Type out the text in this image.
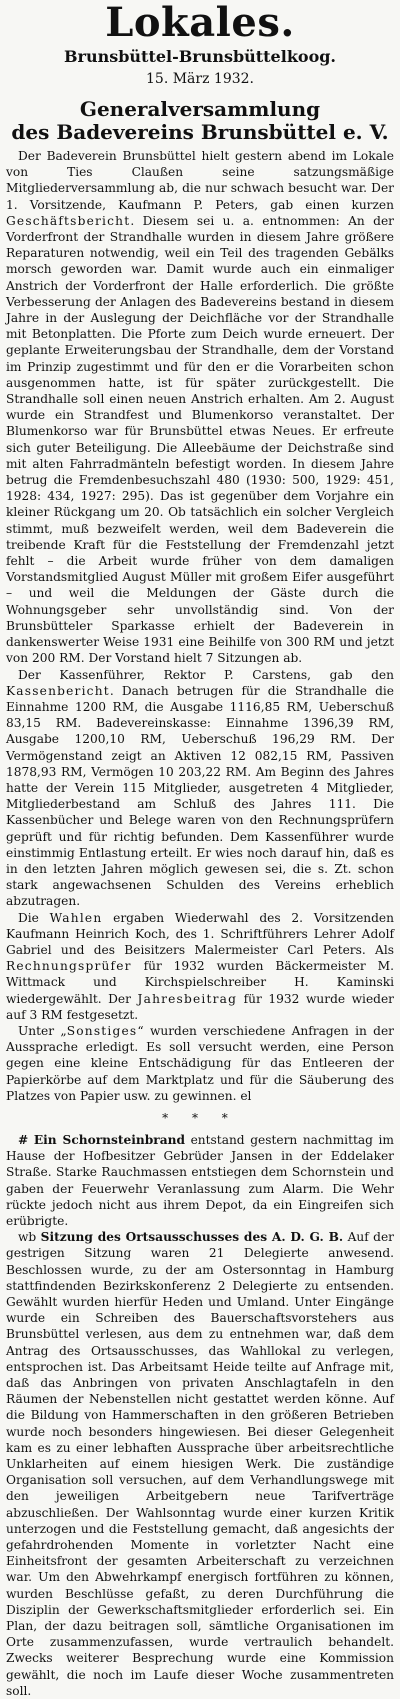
Lokales.
Brunsbüttel-Brunsbüttelkoog.
15. März 1932.
Generalversammlung
des Badevereins Brunsbüttel e. V.

Der Badeverein Brunsbüttel hielt gestern abend im Lokale von Ties Claußen seine satzungsmäßige Mitgliederversammlung ab, die nur schwach besucht war. Der 1. Vorsitzende, Kaufmann P. Peters, gab einen kurzen Geschäftsbericht. Diesem sei u. a. entnommen: An der Vorderfront der Strandhalle wurden in diesem Jahre größere Reparaturen notwendig, weil ein Teil des tragenden Gebälks morsch geworden war. Damit wurde auch ein einmaliger Anstrich der Vorderfront der Halle erforderlich. Die größte Verbesserung der Anlagen des Badevereins bestand in diesem Jahre in der Auslegung der Deichfläche vor der Strandhalle mit Betonplatten. Die Pforte zum Deich wurde erneuert. Der geplante Erweiterungsbau der Strandhalle, dem der Vorstand im Prinzip zugestimmt und für den er die Vorarbeiten schon ausgenommen hatte, ist für später zurückgestellt. Die Strandhalle soll einen neuen Anstrich erhalten. Am 2. August wurde ein Strandfest und Blumenkorso veranstaltet. Der Blumenkorso war für Brunsbüttel etwas Neues. Er erfreute sich guter Beteiligung. Die Alleebäume der Deichstraße sind mit alten Fahrradmänteln befestigt worden. In diesem Jahre betrug die Fremdenbesuchszahl 480 (1930: 500, 1929: 451, 1928: 434, 1927: 295). Das ist gegenüber dem Vorjahre ein kleiner Rückgang um 20. Ob tatsächlich ein solcher Vergleich stimmt, muß bezweifelt werden, weil dem Badeverein die treibende Kraft für die Feststellung der Fremdenzahl jetzt fehlt – die Arbeit wurde früher von dem damaligen Vorstandsmitglied August Müller mit großem Eifer ausgeführt – und weil die Meldungen der Gäste durch die Wohnungsgeber sehr unvollständig sind. Von der Brunsbütteler Sparkasse erhielt der Badeverein in dankenswerter Weise 1931 eine Beihilfe von 300 RM und jetzt von 200 RM. Der Vorstand hielt 7 Sitzungen ab.

Der Kassenführer, Rektor P. Carstens, gab den Kassenbericht. Danach betrugen für die Strandhalle die Einnahme 1200 RM, die Ausgabe 1116,85 RM, Ueberschuß 83,15 RM. Badevereinskasse: Einnahme 1396,39 RM, Ausgabe 1200,10 RM, Ueberschuß 196,29 RM. Der Vermögenstand zeigt an Aktiven 12 082,15 RM, Passiven 1878,93 RM, Vermögen 10 203,22 RM. Am Beginn des Jahres hatte der Verein 115 Mitglieder, ausgetreten 4 Mitglieder, Mitgliederbestand am Schluß des Jahres 111. Die Kassenbücher und Belege waren von den Rechnungsprüfern geprüft und für richtig befunden. Dem Kassenführer wurde einstimmig Entlastung erteilt. Er wies noch darauf hin, daß es in den letzten Jahren möglich gewesen sei, die s. Zt. schon stark angewachsenen Schulden des Vereins erheblich abzutragen.

Die Wahlen ergaben Wiederwahl des 2. Vorsitzenden Kaufmann Heinrich Koch, des 1. Schriftführers Lehrer Adolf Gabriel und des Beisitzers Malermeister Carl Peters. Als Rechnungsprüfer für 1932 wurden Bäckermeister M. Wittmack und Kirchspielschreiber H. Kaminski wiedergewählt. Der Jahresbeitrag für 1932 wurde wieder auf 3 RM festgesetzt.

Unter „Sonstiges“ wurden verschiedene Anfragen in der Aussprache erledigt. Es soll versucht werden, eine Person gegen eine kleine Entschädigung für das Entleeren der Papierkörbe auf dem Marktplatz und für die Säuberung des Platzes von Papier usw. zu gewinnen. el

* * *

# Ein Schornsteinbrand entstand gestern nachmittag im Hause der Hofbesitzer Gebrüder Jansen in der Eddelaker Straße. Starke Rauchmassen entstiegen dem Schornstein und gaben der Feuerwehr Veranlassung zum Alarm. Die Wehr rückte jedoch nicht aus ihrem Depot, da ein Eingreifen sich erübrigte.

wb Sitzung des Ortsausschusses des A. D. G. B. Auf der gestrigen Sitzung waren 21 Delegierte anwesend. Beschlossen wurde, zu der am Ostersonntag in Hamburg stattfindenden Bezirkskonferenz 2 Delegierte zu entsenden. Gewählt wurden hierfür Heden und Umland. Unter Eingänge wurde ein Schreiben des Bauerschaftsvorstehers aus Brunsbüttel verlesen, aus dem zu entnehmen war, daß dem Antrag des Ortsausschusses, das Wahllokal zu verlegen, entsprochen ist. Das Arbeitsamt Heide teilte auf Anfrage mit, daß das Anbringen von privaten Anschlagtafeln in den Räumen der Nebenstellen nicht gestattet werden könne. Auf die Bildung von Hammerschaften in den größeren Betrieben wurde noch besonders hingewiesen. Bei dieser Gelegenheit kam es zu einer lebhaften Aussprache über arbeitsrechtliche Unklarheiten auf einem hiesigen Werk. Die zuständige Organisation soll versuchen, auf dem Verhandlungswege mit den jeweiligen Arbeitgebern neue Tarifverträge abzuschließen. Der Wahlsonntag wurde einer kurzen Kritik unterzogen und die Feststellung gemacht, daß angesichts der gefahrdrohenden Momente in vorletzter Nacht eine Einheitsfront der gesamten Arbeiterschaft zu verzeichnen war. Um den Abwehrkampf energisch fortführen zu können, wurden Beschlüsse gefaßt, zu deren Durchführung die Disziplin der Gewerkschaftsmitglieder erforderlich sei. Ein Plan, der dazu beitragen soll, sämtliche Organisationen im Orte zusammenzufassen, wurde vertraulich behandelt. Zwecks weiterer Besprechung wurde eine Kommission gewählt, die noch im Laufe dieser Woche zusammentreten soll.
